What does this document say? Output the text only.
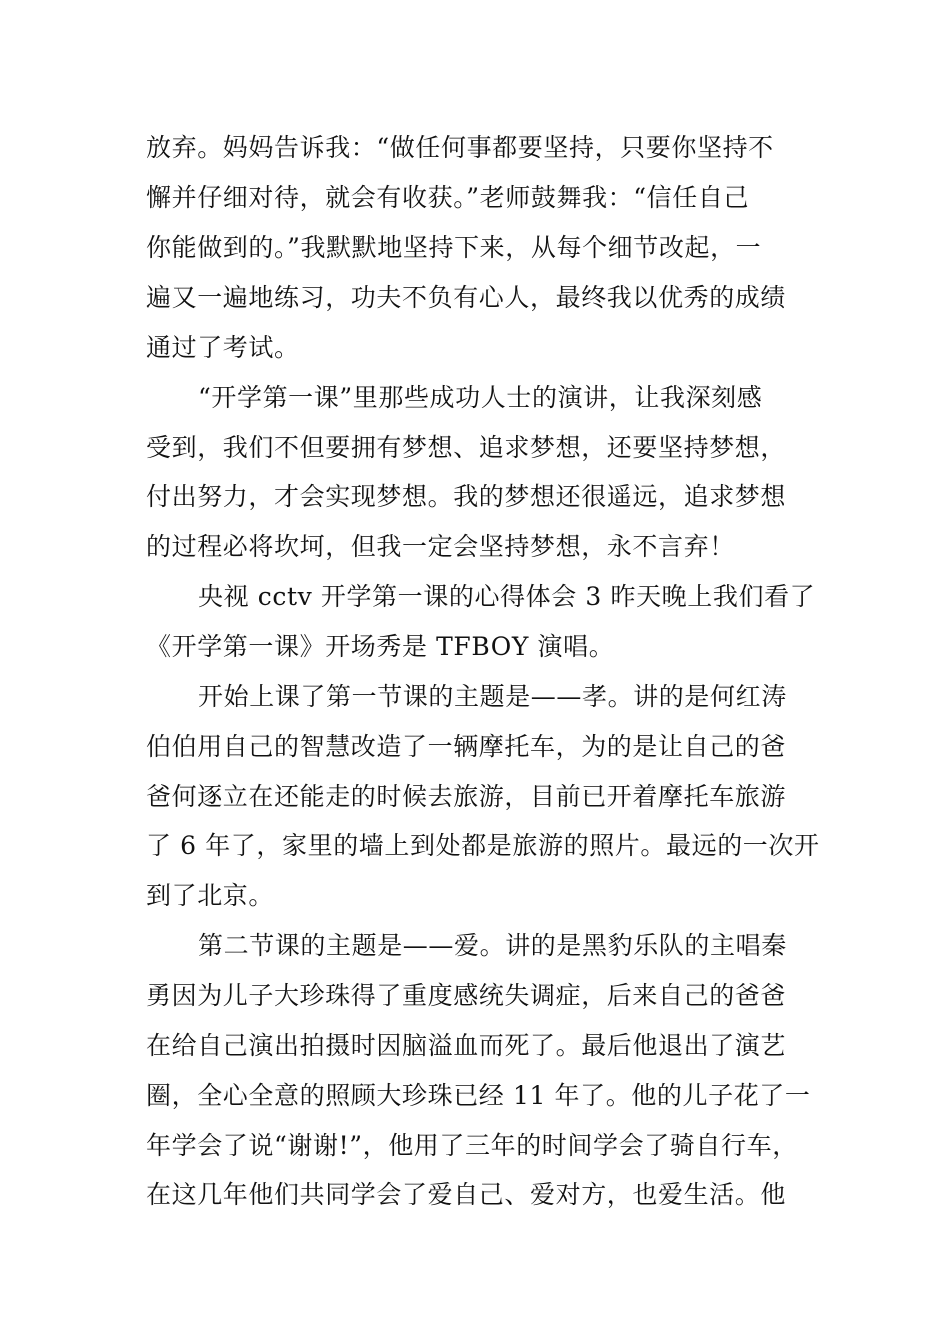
放弃。妈妈告诉我：“做任何事都要坚持，只要你坚持不
懈并仔细对待，就会有收获。”老师鼓舞我：“信任自己
你能做到的。”我默默地坚持下来，从每个细节改起，一
遍又一遍地练习，功夫不负有心人，最终我以优秀的成绩
通过了考试。
“开学第一课”里那些成功人士的演讲，让我深刻感
受到，我们不但要拥有梦想、追求梦想，还要坚持梦想，
付出努力，才会实现梦想。我的梦想还很遥远，追求梦想
的过程必将坎坷，但我一定会坚持梦想，永不言弃！
央视 cctv 开学第一课的心得体会 3 昨天晚上我们看了
《开学第一课》开场秀是 TFBOY 演唱。
开始上课了第一节课的主题是——孝。讲的是何红涛
伯伯用自己的智慧改造了一辆摩托车，为的是让自己的爸
爸何逐立在还能走的时候去旅游，目前已开着摩托车旅游
了 6 年了，家里的墙上到处都是旅游的照片。最远的一次开
到了北京。
第二节课的主题是——爱。讲的是黑豹乐队的主唱秦
勇因为儿子大珍珠得了重度感统失调症，后来自己的爸爸
在给自己演出拍摄时因脑溢血而死了。最后他退出了演艺
圈，全心全意的照顾大珍珠已经 11 年了。他的儿子花了一
年学会了说“谢谢!”，他用了三年的时间学会了骑自行车，
在这几年他们共同学会了爱自己、爱对方，也爱生活。他
